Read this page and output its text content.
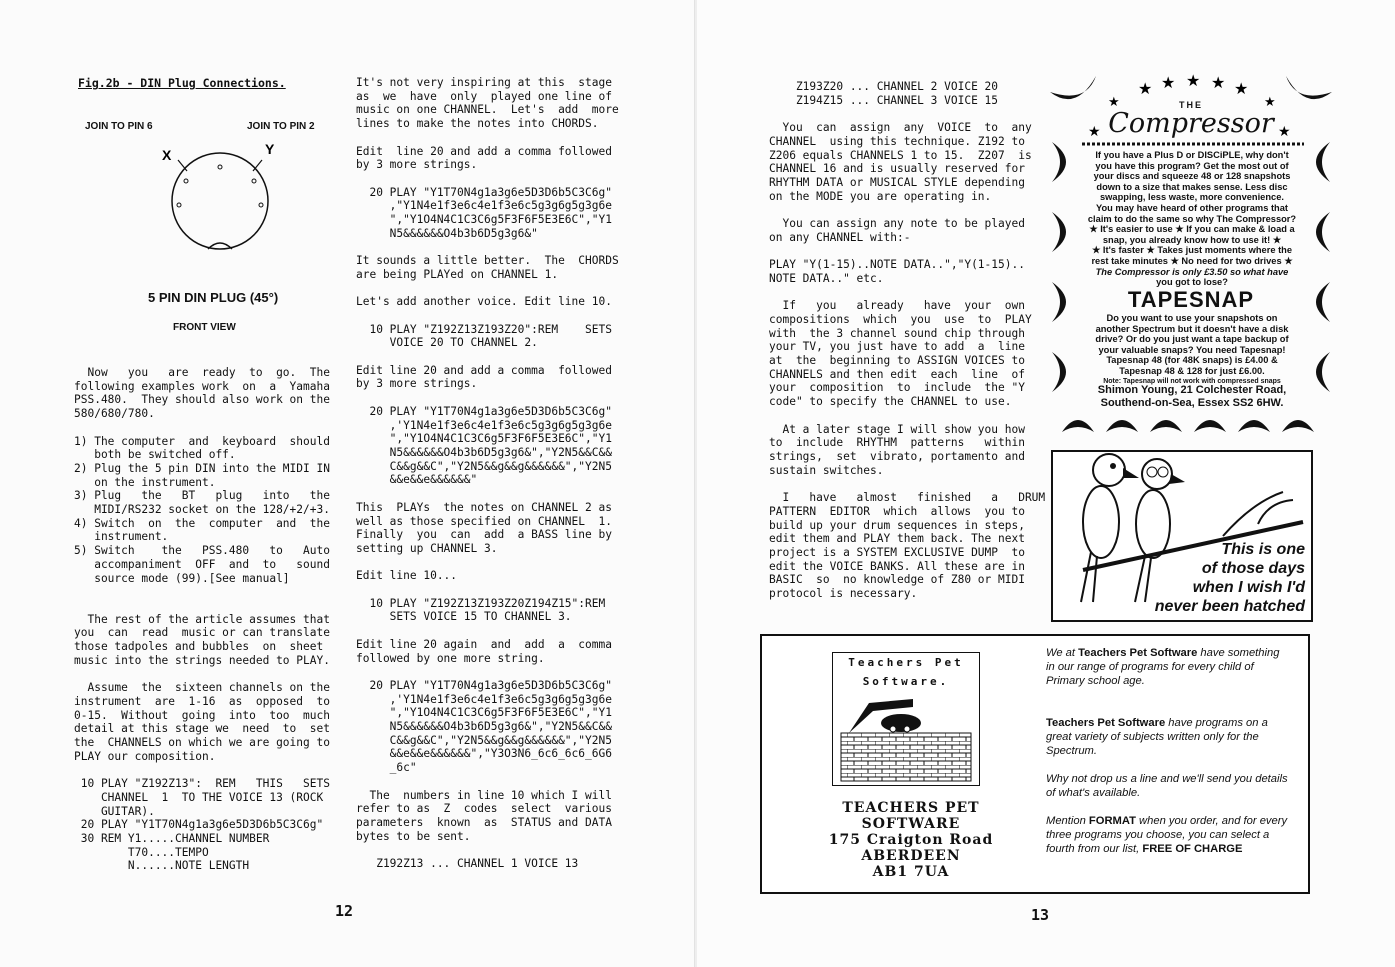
Fig.2b - DIN Plug Connections.
JOIN TO PIN 6	JOIN TO PIN 2
X	Y
5 PIN DIN PLUG (45°)
FRONT VIEW
Now   you   are  ready  to  go.  The
following examples work  on  a  Yamaha
PSS.480.  They should also work on the
580/680/780.

1) The computer  and  keyboard  should
both be switched off.
2) Plug the 5 pin DIN into the MIDI IN
on the instrument.
3) Plug   the   BT   plug   into   the
MIDI/RS232 socket on the 128/+2/+3.
4) Switch  on  the  computer  and  the
instrument.
5) Switch    the   PSS.480   to   Auto
accompaniment  OFF  and  to   sound
source mode (99).[See manual]

The rest of the article assumes that
you  can  read  music or can translate
those tadpoles and bubbles  on  sheet
music into the strings needed to PLAY.

Assume  the  sixteen channels on the
instrument  are  1-16  as  opposed  to
0-15.  Without  going  into  too  much
detail at this stage we  need  to  set
the  CHANNELS on which we are going to
PLAY our composition.

10 PLAY "Z192Z13":  REM   THIS   SETS
CHANNEL  1  TO THE VOICE 13 (ROCK
GUITAR).
20 PLAY "Y1T70N4g1a3g6e5D3D6b5C3C6g"
30 REM Y1.....CHANNEL NUMBER
T70....TEMPO
N......NOTE LENGTH
It's not very inspiring at this  stage
as  we  have  only  played one line of
music on one CHANNEL.  Let's  add  more
lines to make the notes into CHORDS.

Edit  line 20 and add a comma followed
by 3 more strings.

20 PLAY "Y1T70N4g1a3g6e5D3D6b5C3C6g"
,"Y1N4e1f3e6c4e1f3e6c5g3g6g5g3g6e
","Y1O4N4C1C3C6g5F3F6F5E3E6C","Y1
N5&&&&&&O4b3b6D5g3g6&"

It sounds a little better.  The  CHORDS
are being PLAYed on CHANNEL 1.

Let's add another voice. Edit line 10.

10 PLAY "Z192Z13Z193Z20":REM    SETS
VOICE 20 TO CHANNEL 2.

Edit line 20 and add a comma  followed
by 3 more strings.

20 PLAY "Y1T70N4g1a3g6e5D3D6b5C3C6g"
,'Y1N4e1f3e6c4e1f3e6c5g3g6g5g3g6e
","Y1O4N4C1C3C6g5F3F6F5E3E6C","Y1
N5&&&&&&O4b3b6D5g3g6&","Y2N5&&C&&
C&&g&&C","Y2N5&&g&&g&&&&&&","Y2N5
&&e&&e&&&&&&"

This  PLAYs  the notes on CHANNEL 2 as
well as those specified on CHANNEL  1.
Finally  you  can  add  a BASS line by
setting up CHANNEL 3.

Edit line 10...

10 PLAY "Z192Z13Z193Z20Z194Z15":REM
SETS VOICE 15 TO CHANNEL 3.

Edit line 20 again  and  add  a  comma
followed by one more string.

20 PLAY "Y1T70N4g1a3g6e5D3D6b5C3C6g"
,'Y1N4e1f3e6c4e1f3e6c5g3g6g5g3g6e
","Y1O4N4C1C3C6g5F3F6F5E3E6C","Y1
N5&&&&&&O4b3b6D5g3g6&","Y2N5&&C&&
C&&g&&C","Y2N5&&g&&g&&&&&&","Y2N5
&&e&&e&&&&&&","Y3O3N6_6c6_6c6_6G6
_6c"

The  numbers in line 10 which I will
refer to as  Z  codes  select  various
parameters  known  as  STATUS and DATA
bytes to be sent.

Z192Z13 ... CHANNEL 1 VOICE 13
12
Z193Z20 ... CHANNEL 2 VOICE 20
Z194Z15 ... CHANNEL 3 VOICE 15

You  can  assign  any  VOICE  to  any
CHANNEL  using this technique. Z192 to
Z206 equals CHANNELS 1 to 15.  Z207  is
CHANNEL 16 and is usually reserved for
RHYTHM DATA or MUSICAL STYLE depending
on the MODE you are operating in.

You can assign any note to be played
on any CHANNEL with:-

PLAY "Y(1-15)..NOTE DATA..","Y(1-15)..
NOTE DATA.." etc.

If   you   already   have  your  own
compositions  which  you  use  to  PLAY
with  the 3 channel sound chip through
your TV, you just have to add  a  line
at  the  beginning to ASSIGN VOICES to
CHANNELS and then edit  each  line  of
your  composition  to  include  the "Y
code" to specify the CHANNEL to use.

At a later stage I will show you how
to  include  RHYTHM  patterns   within
strings,  set  vibrato, portamento and
sustain switches.

I   have   almost   finished   a   DRUM
PATTERN  EDITOR  which  allows  you to
build up your drum sequences in steps,
edit them and PLAY them back. The next
project is a SYSTEM EXCLUSIVE DUMP  to
edit the VOICE BANKS. All these are in
BASIC  so  no knowledge of Z80 or MIDI
protocol is necessary.
★ ★ ★ ★ ★
★	★
★	★
THE
Compressor
If you have a Plus D or DISCiPLE, why don't
you have this program? Get the most out of
your discs and squeeze 48 or 128 snapshots
down to a size that makes sense. Less disc
swapping, less waste, more convenience.
You may have heard of other programs that
claim to do the same so why The Compressor?
★ It's easier to use ★ If you can make & load a
snap, you already know how to use it! ★
★ It's faster ★ Takes just moments where the
rest take minutes ★ No need for two drives ★
The Compressor is only £3.50 so what have
you got to lose?
TAPESNAP
Do you want to use your snapshots on
another Spectrum but it doesn't have a disk
drive? Or do you just want a tape backup of
your valuable snaps? You need Tapesnap!
Tapesnap 48 (for 48K snaps) is £4.00 &
Tapesnap 48 & 128 for just £6.00.
Note: Tapesnap will not work with compressed snaps
Shimon Young, 21 Colchester Road,
Southend-on-Sea, Essex SS2 6HW.
This is one
of those days
when I wish I'd
never been hatched
Teachers Pet
Software.
TEACHERS PET
SOFTWARE
175 Craigton Road
ABERDEEN
AB1 7UA
We at Teachers Pet Software have something in our range of programs for every child of Primary school age.
Teachers Pet Software have programs on a great variety of subjects written only for the Spectrum.
Why not drop us a line and we'll send you details of what's available.
Mention FORMAT when you order, and for every three programs you choose, you can select a fourth from our list, FREE OF CHARGE
13
